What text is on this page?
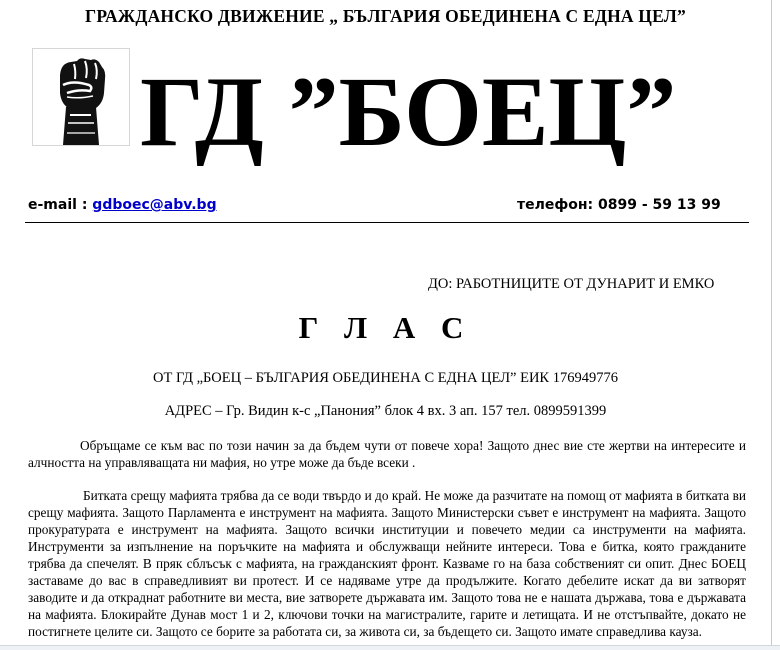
ГРАЖДАНСКО ДВИЖЕНИЕ „ БЪЛГАРИЯ ОБЕДИНЕНА С ЕДНА ЦЕЛ”
ГД ”БОЕЦ”
e-mail : gdboec@abv.bg	телефон: 0899 - 59 13 99
ДО: РАБОТНИЦИТЕ ОТ ДУНАРИТ И ЕМКО
Г Л А С
ОТ ГД „БОЕЦ – БЪЛГАРИЯ ОБЕДИНЕНА С ЕДНА ЦЕЛ” ЕИК 176949776
АДРЕС – Гр. Видин к-с „Панония” блок 4 вх. 3 ап. 157 тел. 0899591399

Обръщаме се към вас по този начин за да бъдем чути от повече хора! Защото днес вие сте жертви на интересите и алчността на управляващата ни мафия, но утре може да бъде всеки .

Битката срещу мафията трябва да се води твърдо и до край. Не може да разчитате на помощ от мафията в битката ви срещу мафията. Защото Парламента е инструмент на мафията. Защото Министерски съвет е инструмент на мафията. Защото прокуратурата е инструмент на мафията. Защото всички институции и повечето медии са инструменти на мафията. Инструменти за изпълнение на поръчките на мафията и обслужващи нейните интереси. Това е битка, която гражданите трябва да спечелят. В пряк сблъсък с мафията, на гражданският фронт. Казваме го на база собственият си опит. Днес БОЕЦ заставаме до вас в справедливият ви протест. И се надяваме утре да продължите. Когато дебелите искат да ви затворят заводите и да откраднат работните ви места, вие затворете държавата им. Защото това не е нашата държава, това е държавата на мафията. Блокирайте Дунав мост 1 и 2, ключови точки на магистралите, гарите и летищата. И не отстъпвайте, докато не постигнете целите си. Защото се борите за работата си, за живота си, за бъдещето си. Защото имате справедлива кауза.
